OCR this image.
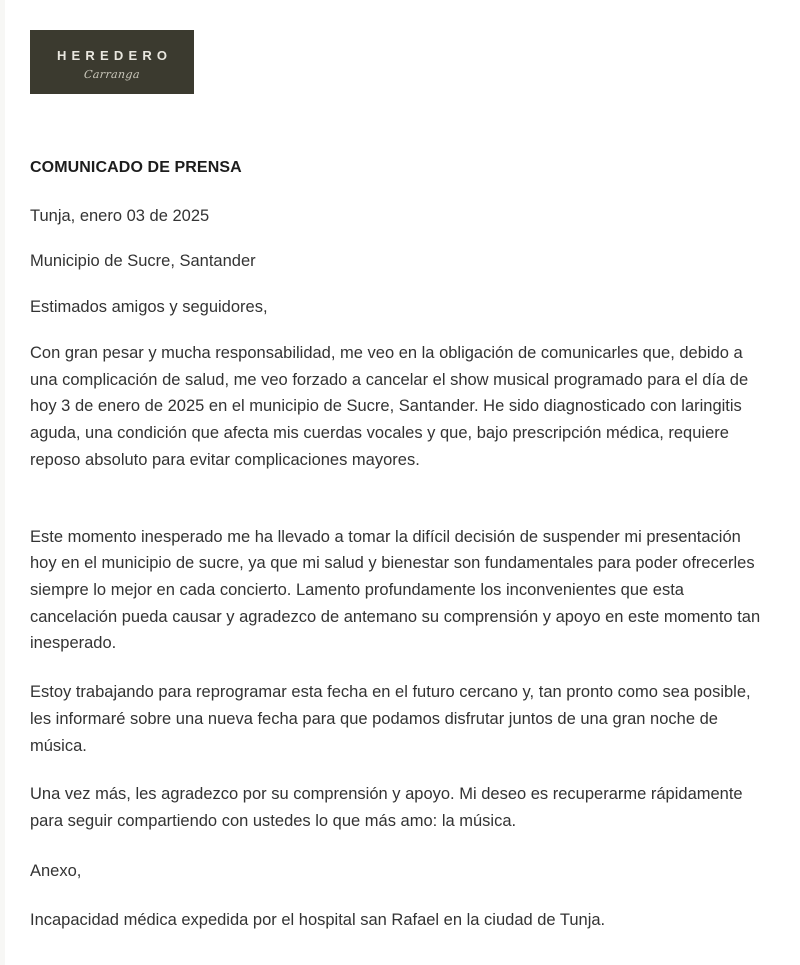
HEREDERO
Carranga
COMUNICADO DE PRENSA
Tunja, enero 03 de 2025
Municipio de Sucre, Santander
Estimados amigos y seguidores,
Con gran pesar y mucha responsabilidad, me veo en la obligación de comunicarles que, debido a una complicación de salud, me veo forzado a cancelar el show musical programado para el día de hoy 3 de enero de 2025 en el municipio de Sucre, Santander. He sido diagnosticado con laringitis aguda, una condición que afecta mis cuerdas vocales y que, bajo prescripción médica, requiere reposo absoluto para evitar complicaciones mayores.
Este momento inesperado me ha llevado a tomar la difícil decisión de suspender mi presentación hoy en el municipio de sucre, ya que mi salud y bienestar son fundamentales para poder ofrecerles siempre lo mejor en cada concierto. Lamento profundamente los inconvenientes que esta cancelación pueda causar y agradezco de antemano su comprensión y apoyo en este momento tan inesperado.
Estoy trabajando para reprogramar esta fecha en el futuro cercano y, tan pronto como sea posible, les informaré sobre una nueva fecha para que podamos disfrutar juntos de una gran noche de música.
Una vez más, les agradezco por su comprensión y apoyo. Mi deseo es recuperarme rápidamente para seguir compartiendo con ustedes lo que más amo: la música.
Anexo,
Incapacidad médica expedida por el hospital san Rafael en la ciudad de Tunja.
